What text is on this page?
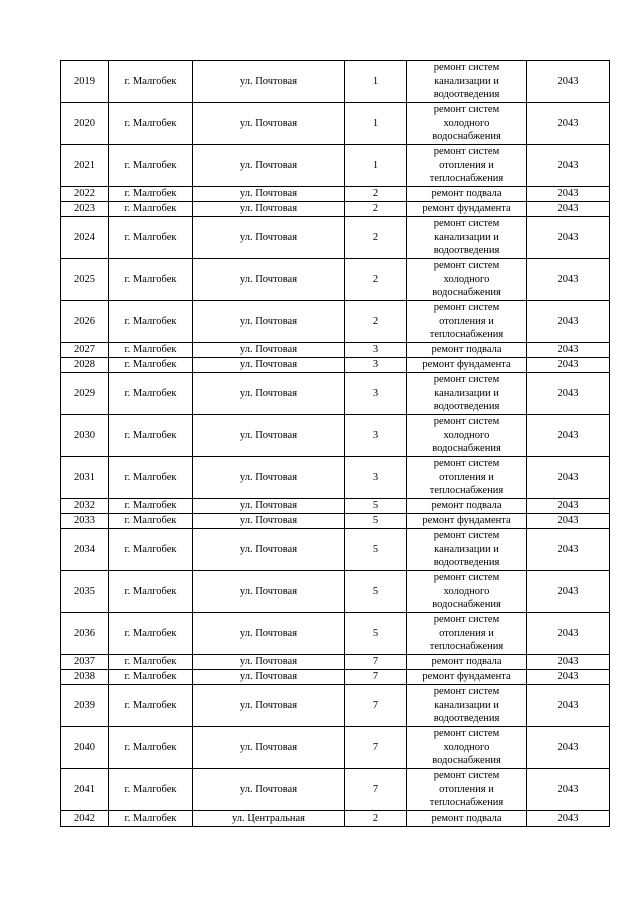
2019	г. Малгобек	ул. Почтовая	1	ремонт систем
канализации и
водоотведения	2043
2020	г. Малгобек	ул. Почтовая	1	ремонт систем
холодного
водоснабжения	2043
2021	г. Малгобек	ул. Почтовая	1	ремонт систем
отопления и
теплоснабжения	2043
2022	г. Малгобек	ул. Почтовая	2	ремонт подвала	2043
2023	г. Малгобек	ул. Почтовая	2	ремонт фундамента	2043
2024	г. Малгобек	ул. Почтовая	2	ремонт систем
канализации и
водоотведения	2043
2025	г. Малгобек	ул. Почтовая	2	ремонт систем
холодного
водоснабжения	2043
2026	г. Малгобек	ул. Почтовая	2	ремонт систем
отопления и
теплоснабжения	2043
2027	г. Малгобек	ул. Почтовая	3	ремонт подвала	2043
2028	г. Малгобек	ул. Почтовая	3	ремонт фундамента	2043
2029	г. Малгобек	ул. Почтовая	3	ремонт систем
канализации и
водоотведения	2043
2030	г. Малгобек	ул. Почтовая	3	ремонт систем
холодного
водоснабжения	2043
2031	г. Малгобек	ул. Почтовая	3	ремонт систем
отопления и
теплоснабжения	2043
2032	г. Малгобек	ул. Почтовая	5	ремонт подвала	2043
2033	г. Малгобек	ул. Почтовая	5	ремонт фундамента	2043
2034	г. Малгобек	ул. Почтовая	5	ремонт систем
канализации и
водоотведения	2043
2035	г. Малгобек	ул. Почтовая	5	ремонт систем
холодного
водоснабжения	2043
2036	г. Малгобек	ул. Почтовая	5	ремонт систем
отопления и
теплоснабжения	2043
2037	г. Малгобек	ул. Почтовая	7	ремонт подвала	2043
2038	г. Малгобек	ул. Почтовая	7	ремонт фундамента	2043
2039	г. Малгобек	ул. Почтовая	7	ремонт систем
канализации и
водоотведения	2043
2040	г. Малгобек	ул. Почтовая	7	ремонт систем
холодного
водоснабжения	2043
2041	г. Малгобек	ул. Почтовая	7	ремонт систем
отопления и
теплоснабжения	2043
2042	г. Малгобек	ул. Центральная	2	ремонт подвала	2043
